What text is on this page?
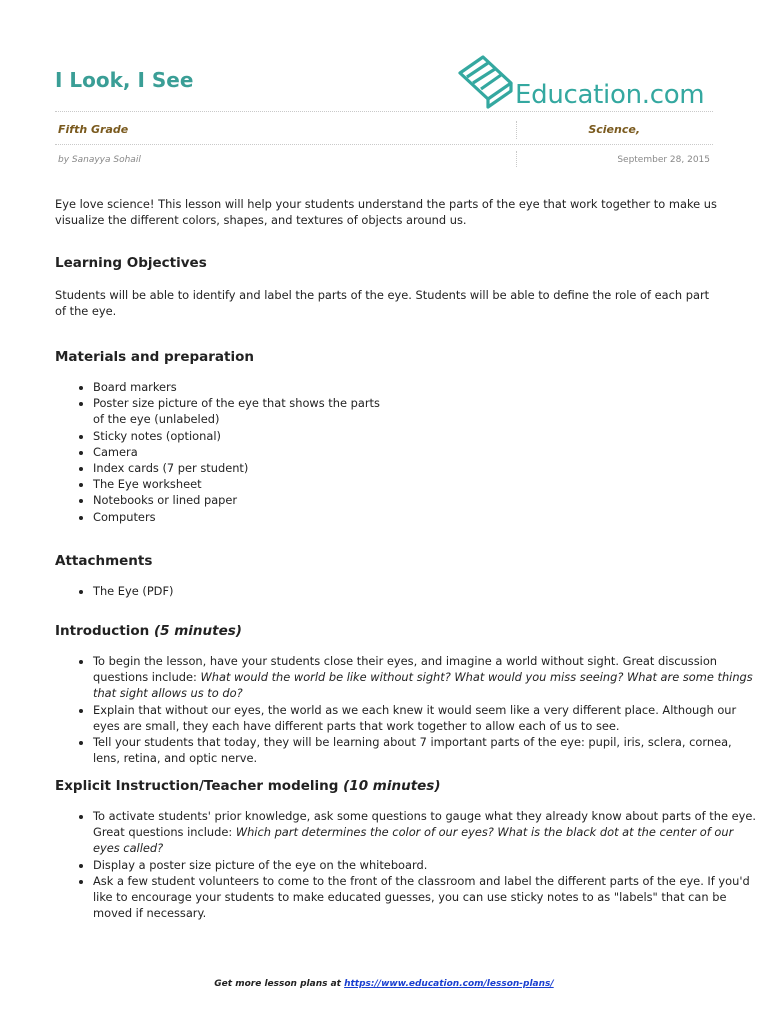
I Look, I See	Education.com
Fifth Grade	Science,
by Sanayya Sohail	September 28, 2015

Eye love science! This lesson will help your students understand the parts of the eye that work together to make us visualize the different colors, shapes, and textures of objects around us.

Learning Objectives

Students will be able to identify and label the parts of the eye. Students will be able to define the role of each part of the eye.

Materials and preparation
• Board markers
• Poster size picture of the eye that shows the parts of the eye (unlabeled)
• Sticky notes (optional)
• Camera
• Index cards (7 per student)
• The Eye worksheet
• Notebooks or lined paper
• Computers
Attachments
• The Eye (PDF)
Introduction (5 minutes)
• To begin the lesson, have your students close their eyes, and imagine a world without sight. Great discussion questions include: What would the world be like without sight? What would you miss seeing? What are some things that sight allows us to do?
• Explain that without our eyes, the world as we each knew it would seem like a very different place. Although our eyes are small, they each have different parts that work together to allow each of us to see.
• Tell your students that today, they will be learning about 7 important parts of the eye: pupil, iris, sclera, cornea, lens, retina, and optic nerve.
Explicit Instruction/Teacher modeling (10 minutes)
• To activate students' prior knowledge, ask some questions to gauge what they already know about parts of the eye. Great questions include: Which part determines the color of our eyes? What is the black dot at the center of our eyes called?
• Display a poster size picture of the eye on the whiteboard.
• Ask a few student volunteers to come to the front of the classroom and label the different parts of the eye. If you'd like to encourage your students to make educated guesses, you can use sticky notes to as "labels" that can be moved if necessary.
Get more lesson plans at https://www.education.com/lesson-plans/
